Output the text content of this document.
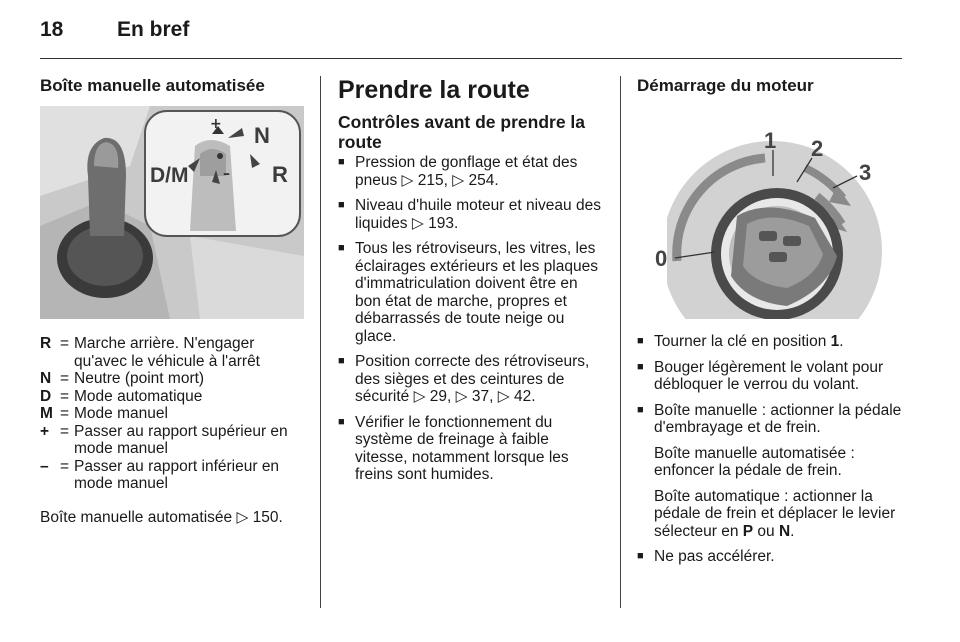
18	En bref
Boîte manuelle automatisée
+
–
N
D/M	R
R = Marche arrière. N'engager qu'avec le véhicule à l'arrêt
N = Neutre (point mort)
D = Mode automatique
M = Mode manuel
+ = Passer au rapport supérieur en mode manuel
– = Passer au rapport inférieur en mode manuel
Boîte manuelle automatisée ▷ 150.
Prendre la route
Contrôles avant de prendre la route
■ Pression de gonflage et état des pneus ▷ 215, ▷ 254.
■ Niveau d'huile moteur et niveau des liquides ▷ 193.
■ Tous les rétroviseurs, les vitres, les éclairages extérieurs et les plaques d'immatriculation doivent être en bon état de marche, propres et débarrassés de toute neige ou glace.
■ Position correcte des rétroviseurs, des sièges et des ceintures de sécurité ▷ 29, ▷ 37, ▷ 42.
■ Vérifier le fonctionnement du système de freinage à faible vitesse, notamment lorsque les freins sont humides.
Démarrage du moteur
1 2
3
0
■ Tourner la clé en position 1.
■ Bouger légèrement le volant pour débloquer le verrou du volant.
■ Boîte manuelle : actionner la pédale d'embrayage et de frein.
Boîte manuelle automatisée : enfoncer la pédale de frein.
Boîte automatique : actionner la pédale de frein et déplacer le levier sélecteur en P ou N.
■ Ne pas accélérer.
